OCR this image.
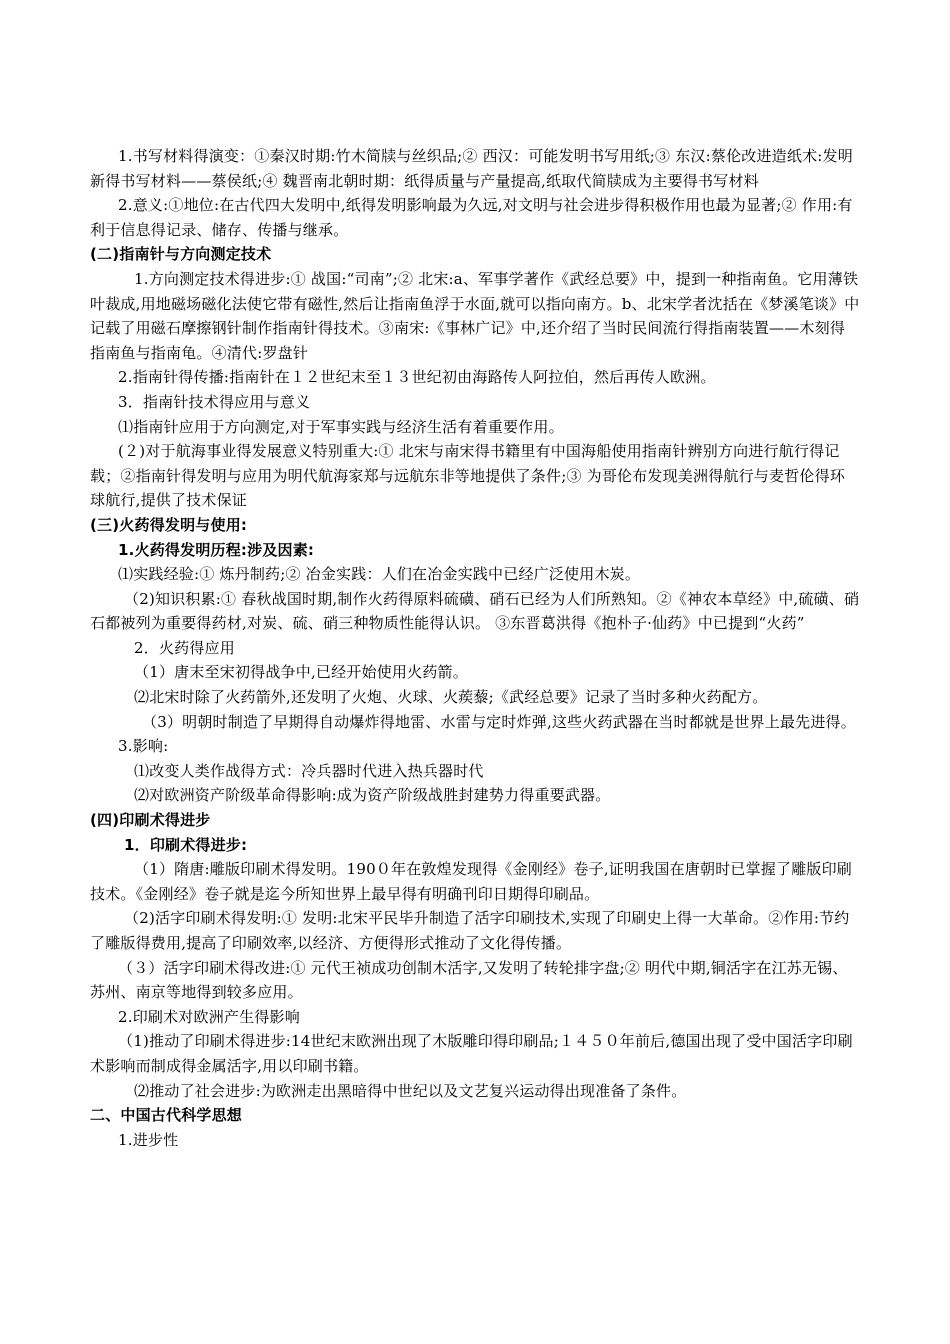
1.书写材料得演变：①秦汉时期:竹木简牍与丝织品;② 西汉：可能发明书写用纸;③ 东汉:蔡伦改进造纸术:发明新得书写材料——蔡侯纸;④ 魏晋南北朝时期：纸得质量与产量提高,纸取代简牍成为主要得书写材料

2.意义:①地位:在古代四大发明中,纸得发明影响最为久远,对文明与社会进步得积极作用也最为显著;② 作用:有利于信息得记录、储存、传播与继承。

(二)指南针与方向测定技术

1.方向测定技术得进步:① 战国:“司南”;② 北宋:a、军事学著作《武经总要》中，提到一种指南鱼。它用薄铁叶裁成,用地磁场磁化法使它带有磁性,然后让指南鱼浮于水面,就可以指向南方。b、北宋学者沈括在《梦溪笔谈》中记载了用磁石摩擦钢针制作指南针得技术。③南宋:《事林广记》中,还介绍了当时民间流行得指南装置——木刻得指南鱼与指南龟。④清代:罗盘针

2.指南针得传播:指南针在１２世纪末至１３世纪初由海路传人阿拉伯，然后再传人欧洲。

3．指南针技术得应用与意义

⑴指南针应用于方向测定,对于军事实践与经济生活有着重要作用。

(２)对于航海事业得发展意义特别重大:① 北宋与南宋得书籍里有中国海船使用指南针辨别方向进行航行得记载；②指南针得发明与应用为明代航海家郑与远航东非等地提供了条件;③ 为哥伦布发现美洲得航行与麦哲伦得环球航行,提供了技术保证

(三)火药得发明与使用:

1.火药得发明历程:涉及因素:

⑴实践经验:① 炼丹制药;② 冶金实践：人们在冶金实践中已经广泛使用木炭。

（2)知识积累:① 春秋战国时期,制作火药得原料硫磺、硝石已经为人们所熟知。②《神农本草经》中,硫磺、硝石都被列为重要得药材,对炭、硫、硝三种物质性能得认识。 ③东晋葛洪得《抱朴子·仙药》中已提到“火药”

2．火药得应用

（1）唐末至宋初得战争中,已经开始使用火药箭。

⑵北宋时除了火药箭外,还发明了火炮、火球、火蒺藜;《武经总要》记录了当时多种火药配方。

（3）明朝时制造了早期得自动爆炸得地雷、水雷与定时炸弹,这些火药武器在当时都就是世界上最先进得。

3.影响:

⑴改变人类作战得方式：冷兵器时代进入热兵器时代

⑵对欧洲资产阶级革命得影响:成为资产阶级战胜封建势力得重要武器。

(四)印刷术得进步

1．印刷术得进步:

（1）隋唐:雕版印刷术得发明。190０年在敦煌发现得《金刚经》卷子,证明我国在唐朝时已掌握了雕版印刷技术。《金刚经》卷子就是迄今所知世界上最早得有明确刊印日期得印刷品。

（2)活字印刷术得发明:① 发明:北宋平民毕升制造了活字印刷技术,实现了印刷史上得一大革命。②作用:节约了雕版得费用,提高了印刷效率,以经济、方便得形式推动了文化得传播。

（３）活字印刷术得改进:① 元代王祯成功创制木活字,又发明了转轮排字盘;② 明代中期,铜活字在江苏无锡、苏州、南京等地得到较多应用。

2.印刷术对欧洲产生得影响

（1)推动了印刷术得进步:14世纪末欧洲出现了木版雕印得印刷品;１４５０年前后,德国出现了受中国活字印刷术影响而制成得金属活字,用以印刷书籍。

⑵推动了社会进步:为欧洲走出黑暗得中世纪以及文艺复兴运动得出现准备了条件。

二、中国古代科学思想

1.进步性
